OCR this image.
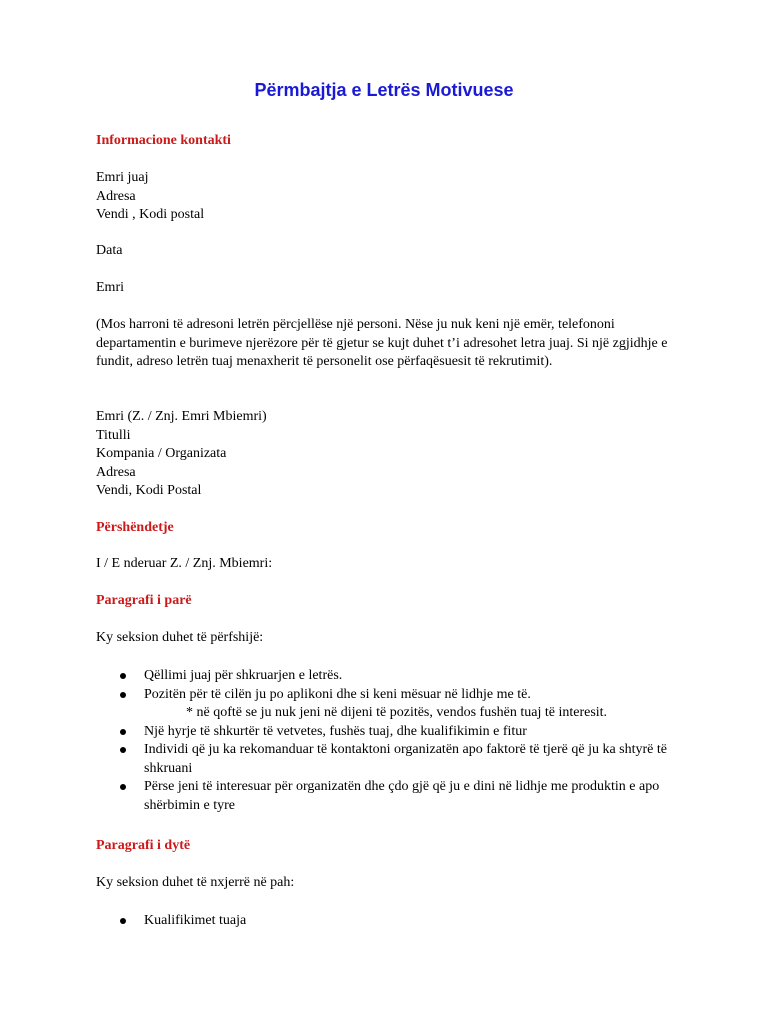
Përmbajtja e Letrës Motivuese
Informacione kontakti
Emri juaj
Adresa
Vendi , Kodi postal
Data
Emri

(Mos harroni të adresoni letrën përcjellëse një personi. Nëse ju nuk keni një emër, telefononi departamentin e burimeve njerëzore për të gjetur se kujt duhet t’i adresohet letra juaj. Si një zgjidhje e fundit, adreso letrën tuaj menaxherit të personelit ose përfaqësuesit të rekrutimit).

Emri (Z. / Znj. Emri Mbiemri)
Titulli
Kompania / Organizata
Adresa
Vendi, Kodi Postal
Përshëndetje
I / E nderuar Z. / Znj. Mbiemri:
Paragrafi i parë
Ky seksion duhet të përfshijë:
Qëllimi juaj për shkruarjen e letrës.
Pozitën për të cilën ju po aplikoni dhe si keni mësuar në lidhje me të.
* në qoftë se ju nuk jeni në dijeni të pozitës, vendos fushën tuaj të interesit.
Një hyrje të shkurtër të vetvetes, fushës tuaj, dhe kualifikimin e fitur
Individi që ju ka rekomanduar të kontaktoni organizatën apo faktorë të tjerë që ju ka shtyrë të shkruani
Përse jeni të interesuar për organizatën dhe çdo gjë që ju e dini në lidhje me produktin e apo shërbimin e tyre
Paragrafi i dytë
Ky seksion duhet të nxjerrë në pah:
Kualifikimet tuaja
